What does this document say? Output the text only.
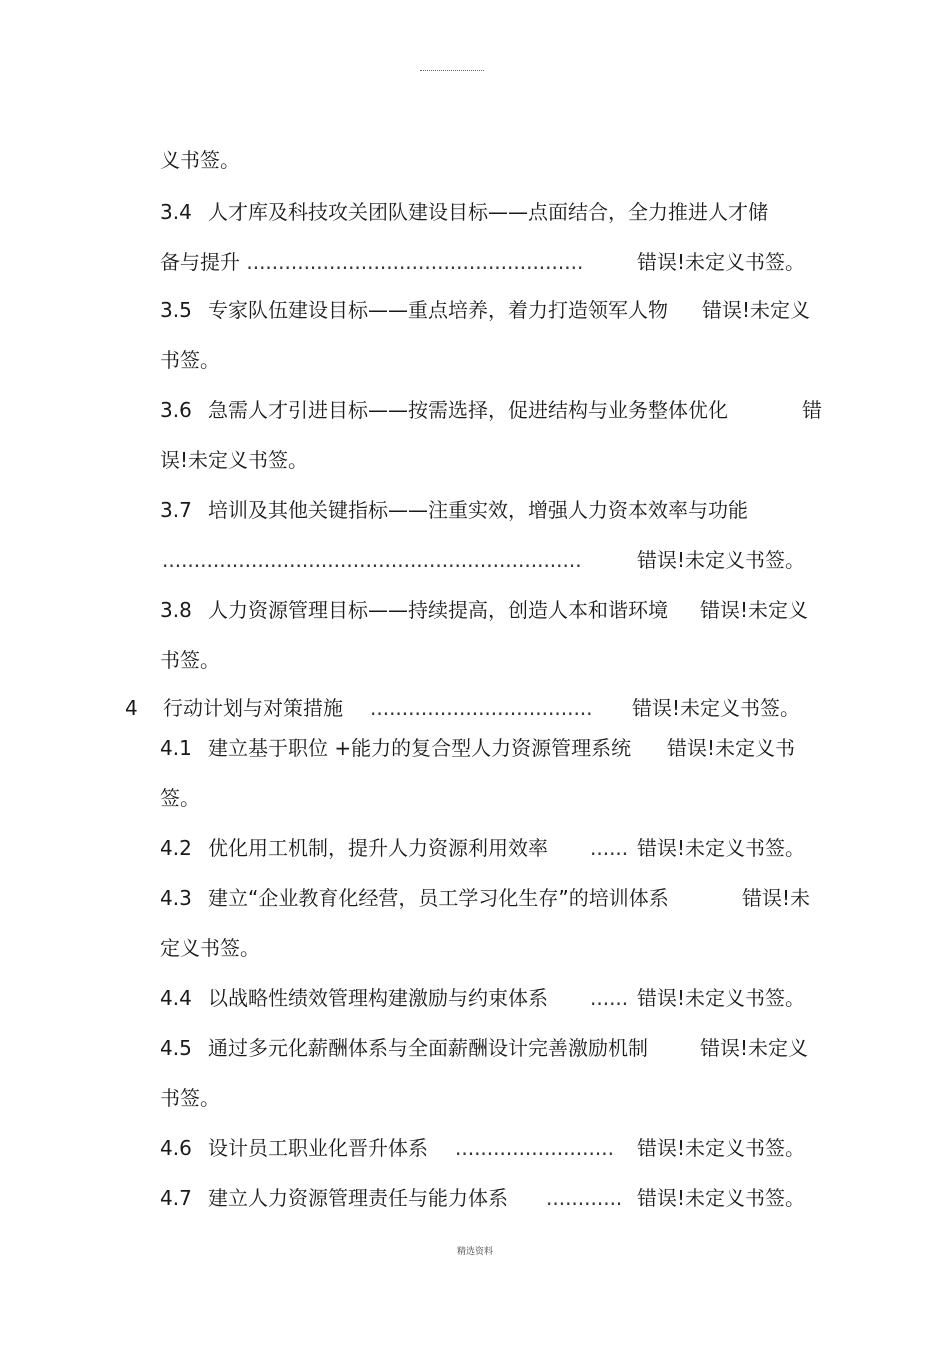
义书签。
3.4 人才库及科技攻关团队建设目标——点面结合，全力推进人才储
备与提升 .....................................................	错误!未定义书签。
3.5 专家队伍建设目标——重点培养，着力打造领军人物 错误!未定义
书签。
3.6 急需人才引进目标——按需选择，促进结构与业务整体优化	错
误!未定义书签。
3.7 培训及其他关键指标——注重实效，增强人力资本效率与功能
..................................................................	错误!未定义书签。
3.8 人力资源管理目标——持续提高，创造人本和谐环境 错误!未定义
书签。
4 行动计划与对策措施 ................................... 错误!未定义书签。
4.1 建立基于职位 +能力的复合型人力资源管理系统 错误!未定义书
签。
4.2 优化用工机制，提升人力资源利用效率 ...... 错误!未定义书签。
4.3 建立“企业教育化经营，员工学习化生存”的培训体系	错误!未
定义书签。
4.4 以战略性绩效管理构建激励与约束体系 ...... 错误!未定义书签。
4.5 通过多元化薪酬体系与全面薪酬设计完善激励机制	错误!未定义
书签。
4.6 设计员工职业化晋升体系 ......................... 错误!未定义书签。
4.7 建立人力资源管理责任与能力体系 ............ 错误!未定义书签。
精选资料
